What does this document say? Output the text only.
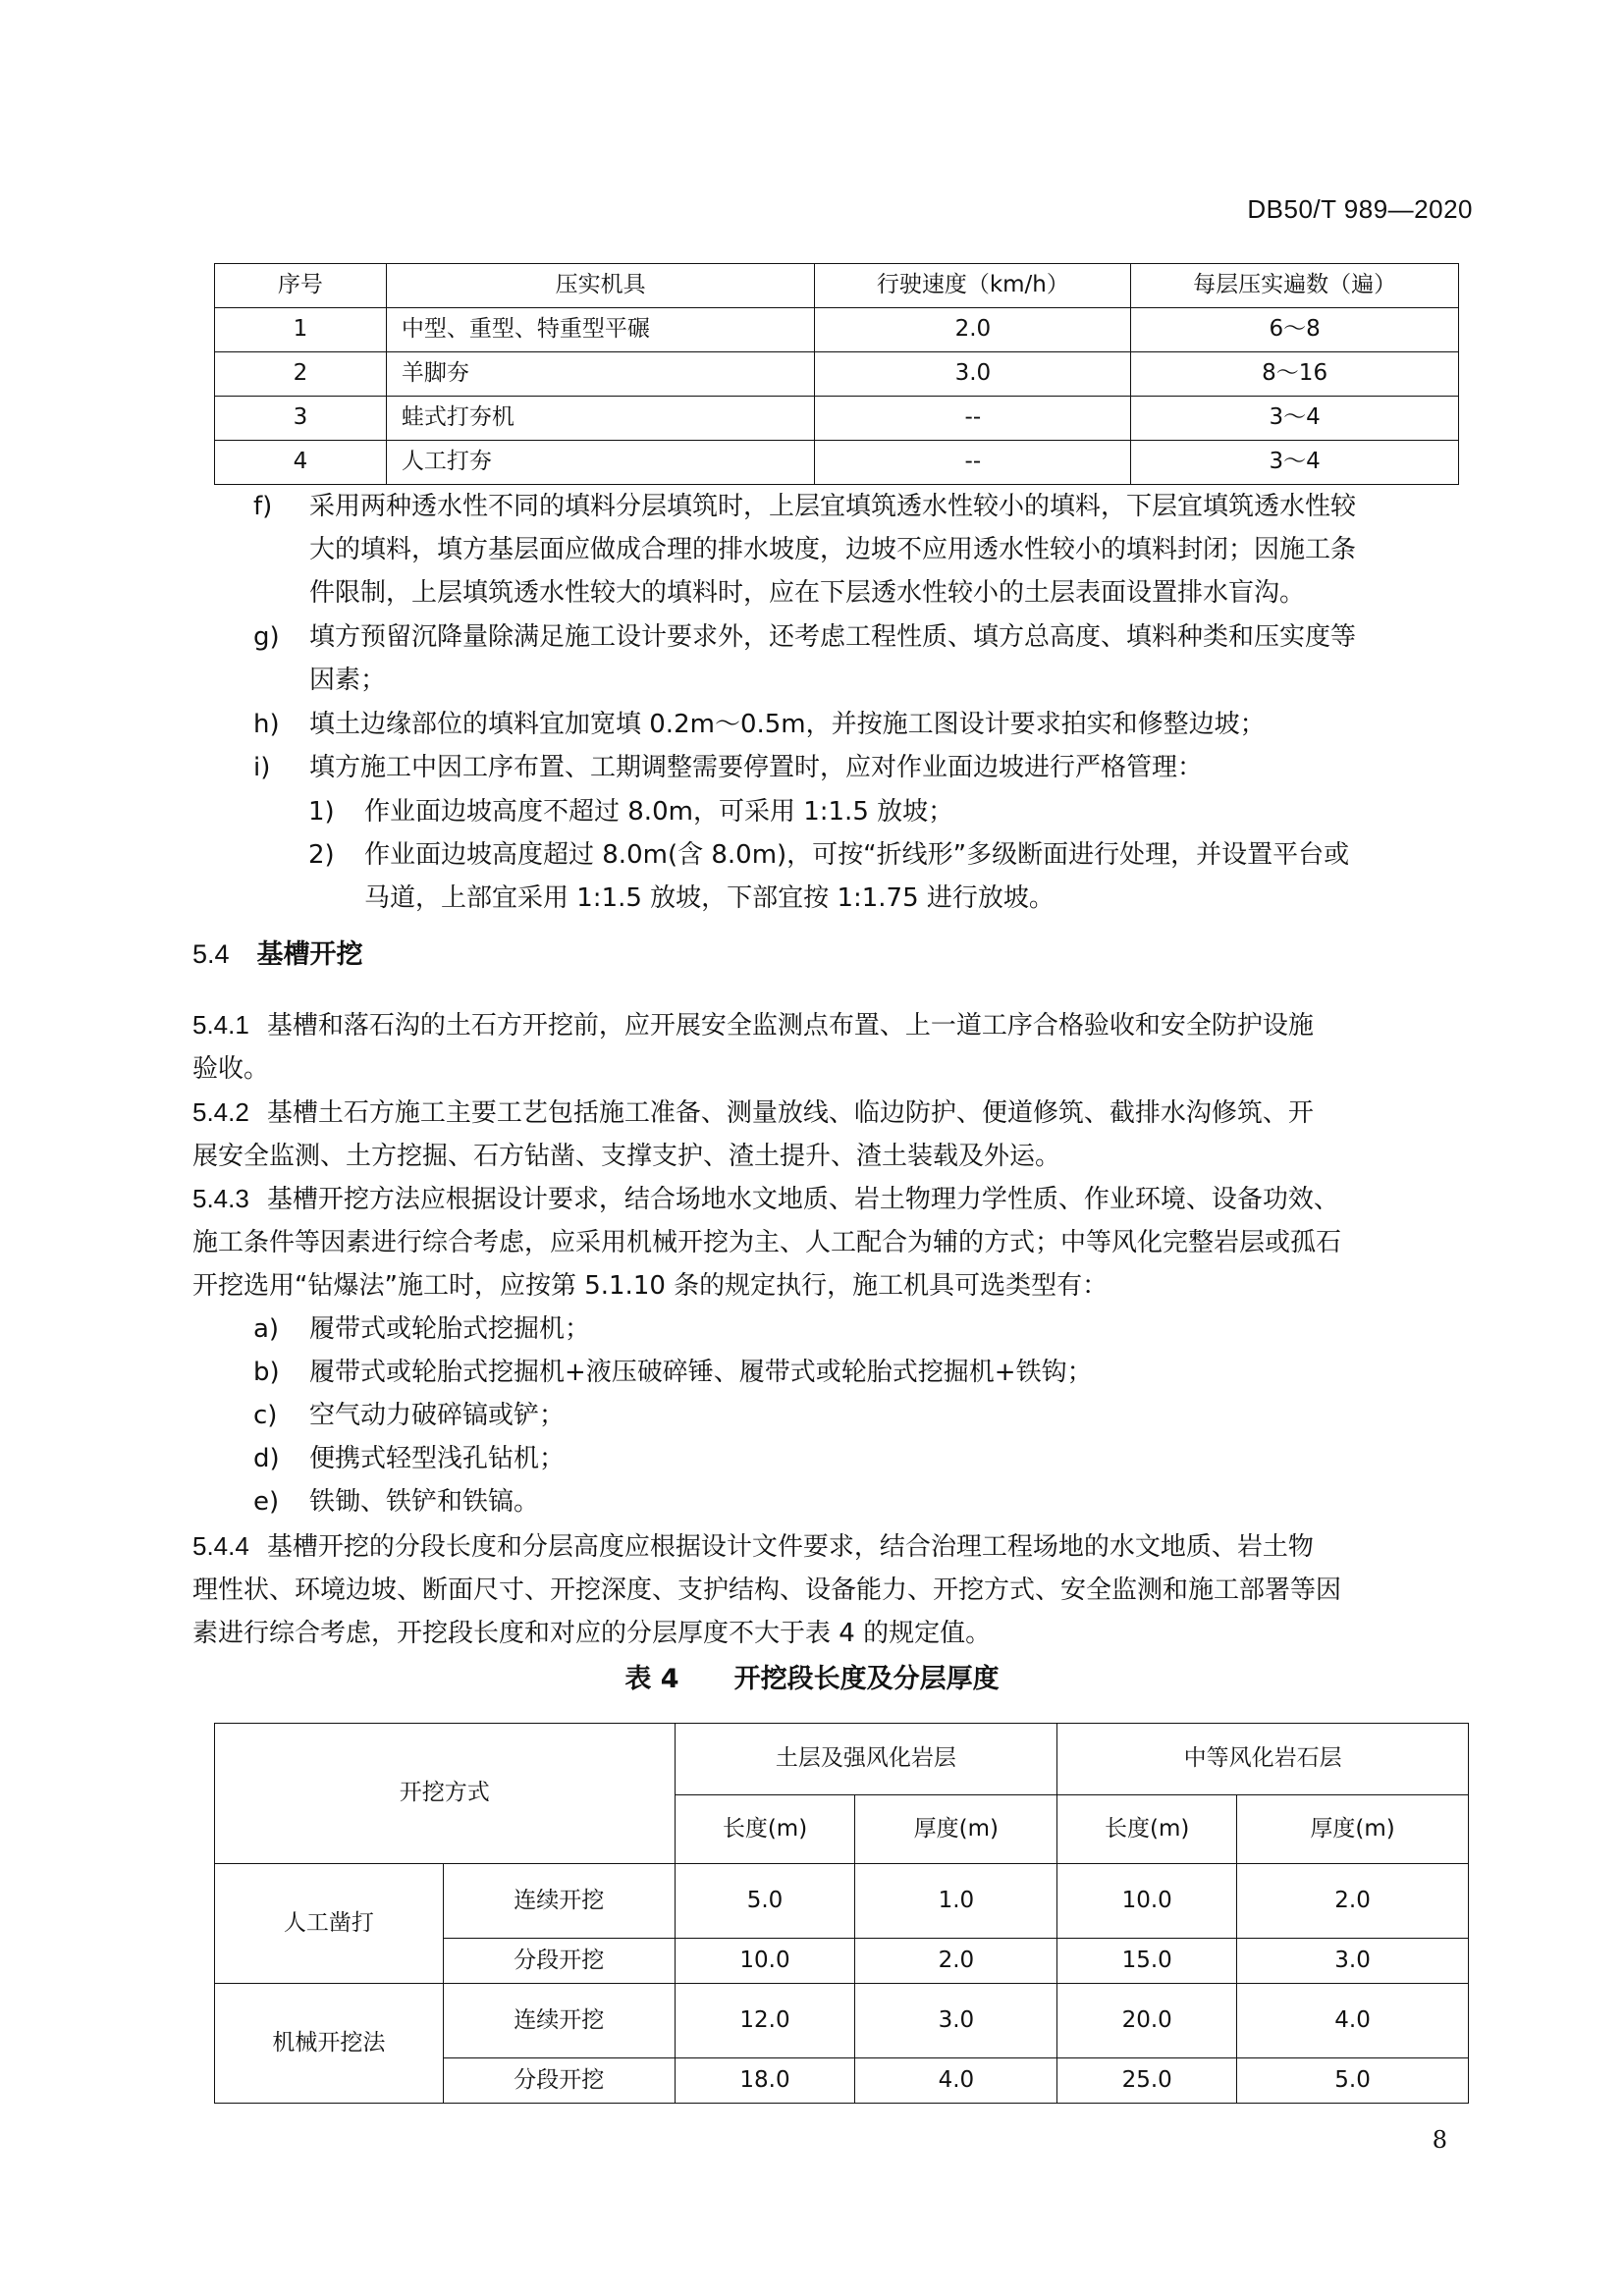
DB50/T 989—2020
序号	压实机具	行驶速度（km/h）	每层压实遍数（遍）
1	中型、重型、特重型平碾	2.0	6～8
2	羊脚夯	3.0	8～16
3	蛙式打夯机	--	3～4
4	人工打夯	--	3～4
f) 采用两种透水性不同的填料分层填筑时，上层宜填筑透水性较小的填料，下层宜填筑透水性较
大的填料，填方基层面应做成合理的排水坡度，边坡不应用透水性较小的填料封闭；因施工条
件限制，上层填筑透水性较大的填料时，应在下层透水性较小的土层表面设置排水盲沟。
g) 填方预留沉降量除满足施工设计要求外，还考虑工程性质、填方总高度、填料种类和压实度等
因素；
h) 填土边缘部位的填料宜加宽填 0.2m～0.5m，并按施工图设计要求拍实和修整边坡；
i) 填方施工中因工序布置、工期调整需要停置时，应对作业面边坡进行严格管理：
1) 作业面边坡高度不超过 8.0m，可采用 1:1.5 放坡；
2) 作业面边坡高度超过 8.0m(含 8.0m)，可按“折线形”多级断面进行处理，并设置平台或
马道，上部宜采用 1:1.5 放坡，下部宜按 1:1.75 进行放坡。
5.4 基槽开挖
5.4.1 基槽和落石沟的土石方开挖前，应开展安全监测点布置、上一道工序合格验收和安全防护设施
验收。
5.4.2 基槽土石方施工主要工艺包括施工准备、测量放线、临边防护、便道修筑、截排水沟修筑、开
展安全监测、土方挖掘、石方钻凿、支撑支护、渣土提升、渣土装载及外运。
5.4.3 基槽开挖方法应根据设计要求，结合场地水文地质、岩土物理力学性质、作业环境、设备功效、
施工条件等因素进行综合考虑，应采用机械开挖为主、人工配合为辅的方式；中等风化完整岩层或孤石
开挖选用“钻爆法”施工时，应按第 5.1.10 条的规定执行，施工机具可选类型有：
a) 履带式或轮胎式挖掘机；
b) 履带式或轮胎式挖掘机+液压破碎锤、履带式或轮胎式挖掘机+铁钩；
c) 空气动力破碎镐或铲；
d) 便携式轻型浅孔钻机；
e) 铁锄、铁铲和铁镐。
5.4.4 基槽开挖的分段长度和分层高度应根据设计文件要求，结合治理工程场地的水文地质、岩土物
理性状、环境边坡、断面尺寸、开挖深度、支护结构、设备能力、开挖方式、安全监测和施工部署等因
素进行综合考虑，开挖段长度和对应的分层厚度不大于表 4 的规定值。
表 4 开挖段长度及分层厚度
开挖方式		土层及强风化岩层		中等风化岩石层	
		长度(m)	厚度(m)	长度(m)	厚度(m)
人工凿打	连续开挖	5.0	1.0	10.0	2.0
	分段开挖	10.0	2.0	15.0	3.0
机械开挖法	连续开挖	12.0	3.0	20.0	4.0
	分段开挖	18.0	4.0	25.0	5.0
8
